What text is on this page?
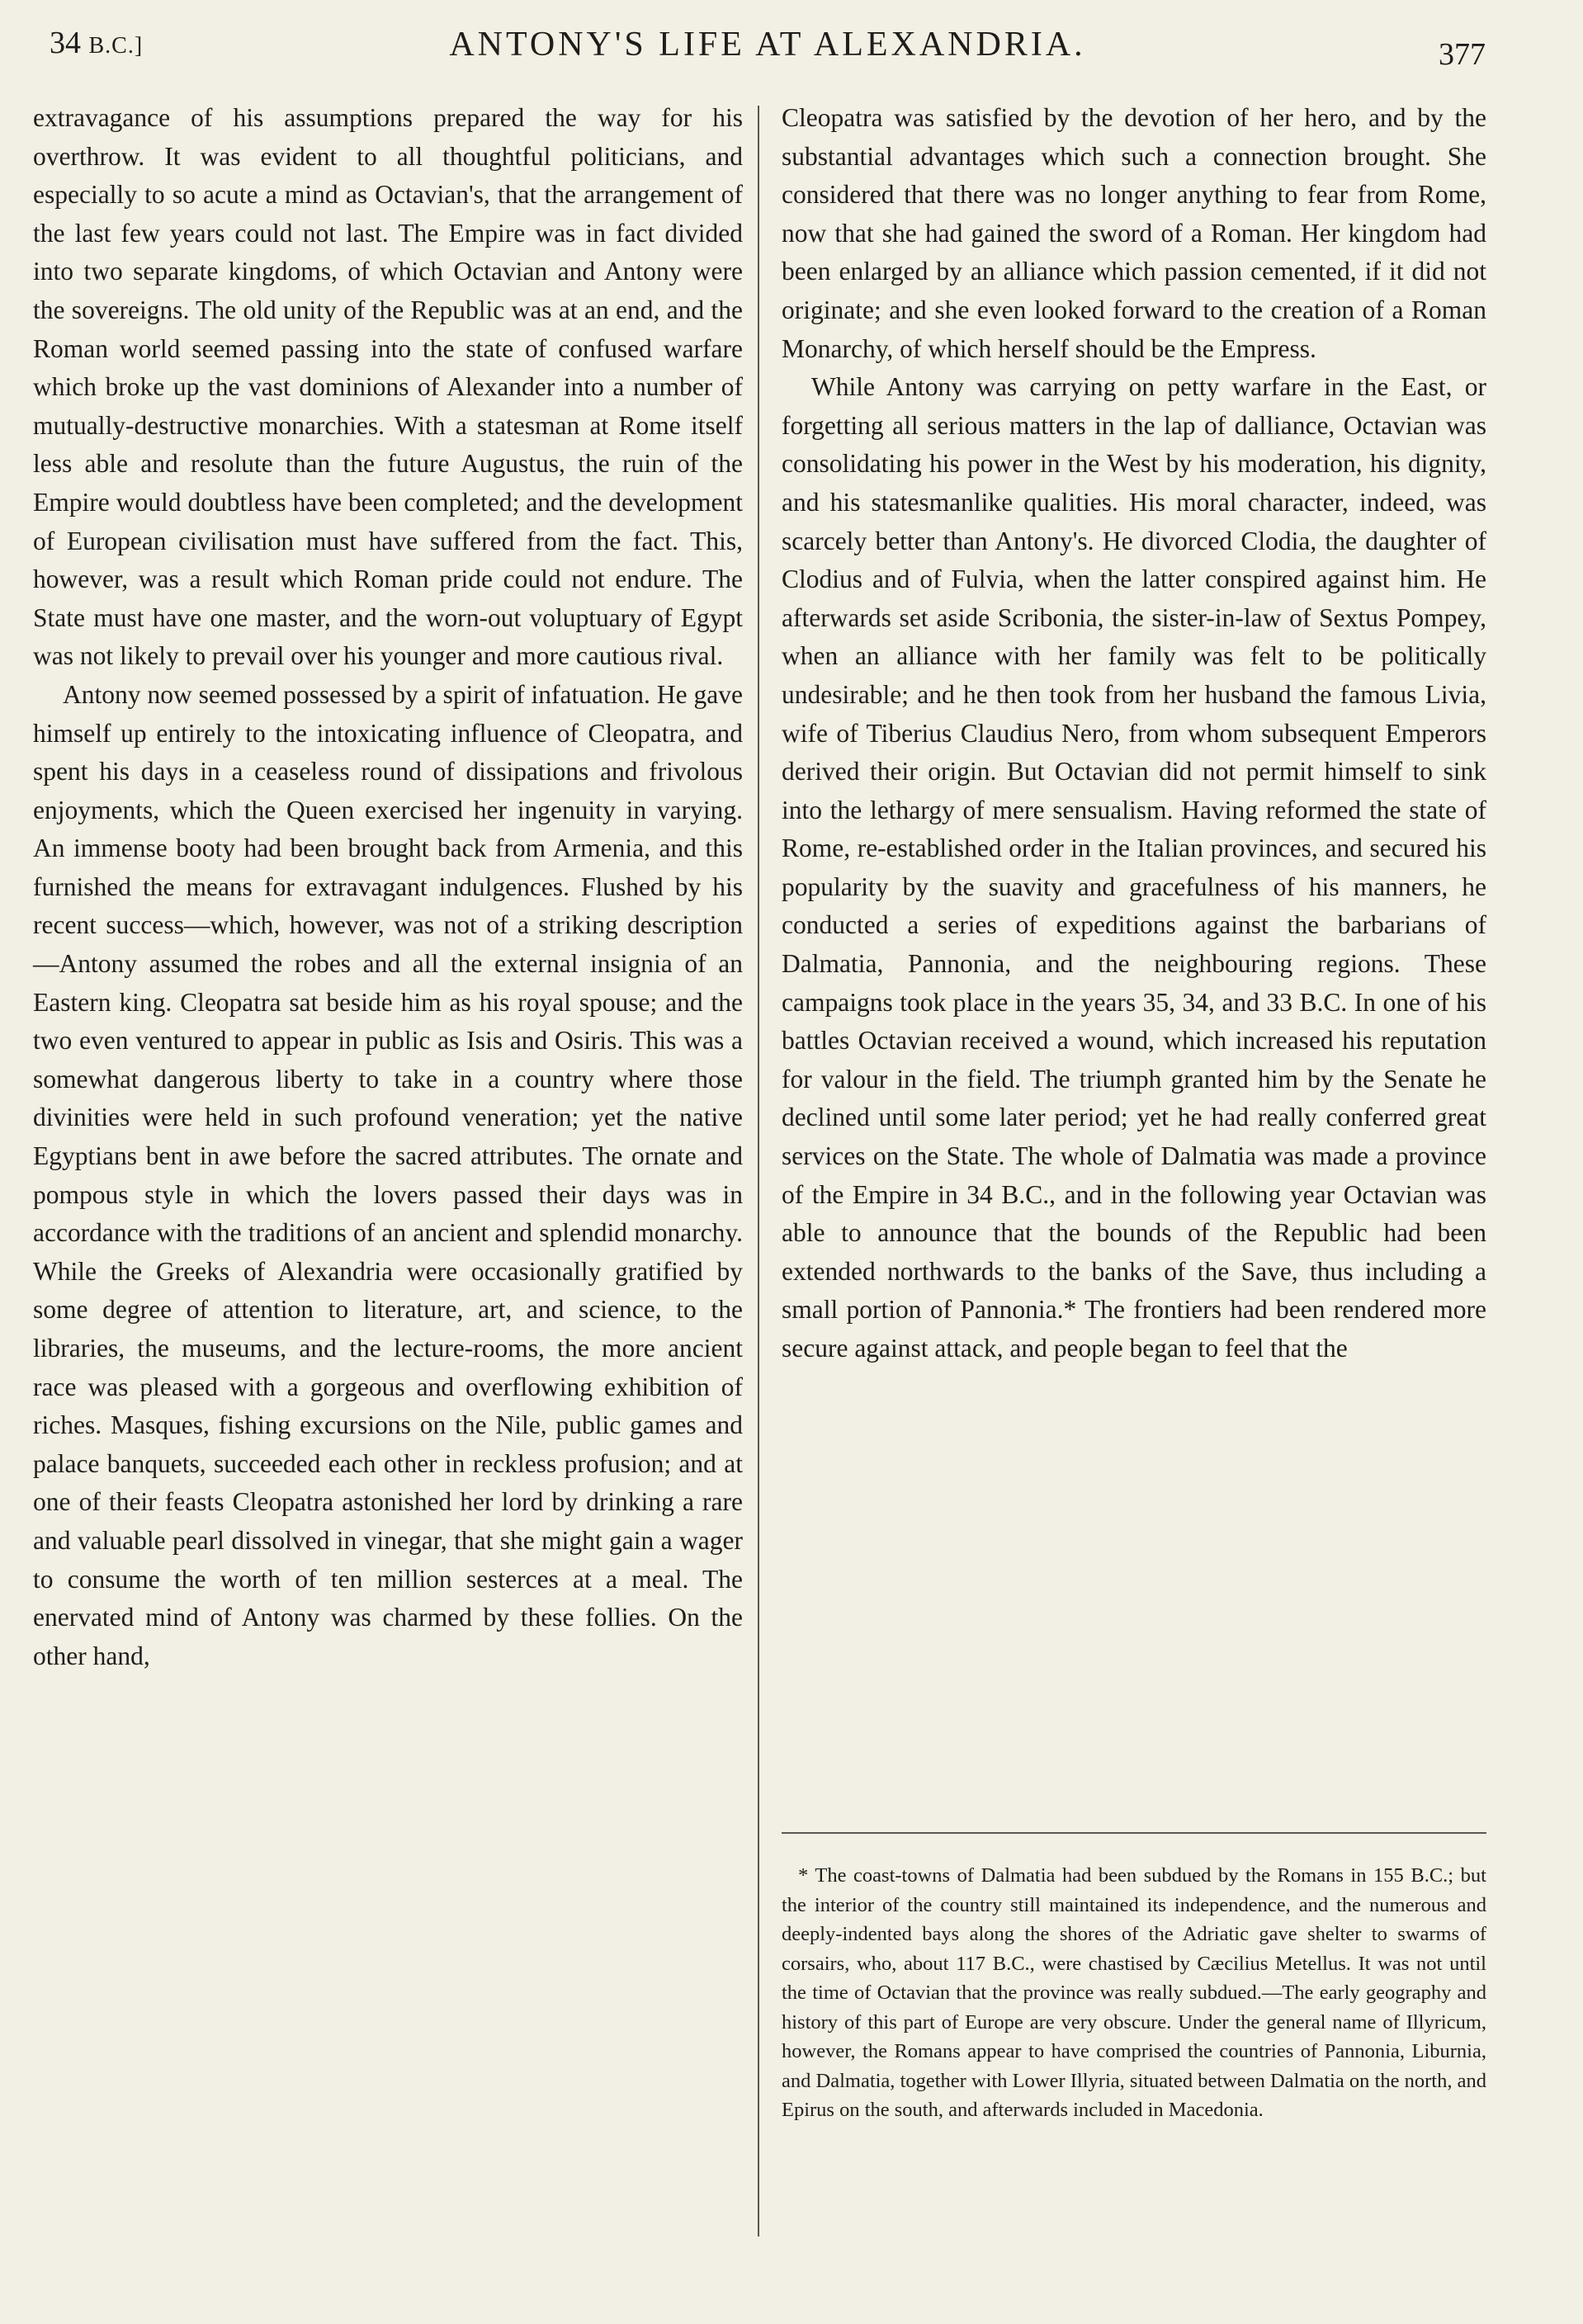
34 B.C.]	ANTONY'S LIFE AT ALEXANDRIA.	377

extravagance of his assumptions prepared the way for his overthrow. It was evident to all thoughtful politicians, and especially to so acute a mind as Octavian's, that the arrangement of the last few years could not last. The Empire was in fact divided into two separate kingdoms, of which Octavian and Antony were the sovereigns. The old unity of the Republic was at an end, and the Roman world seemed passing into the state of confused warfare which broke up the vast dominions of Alexander into a number of mutually-destructive monarchies. With a statesman at Rome itself less able and resolute than the future Augustus, the ruin of the Empire would doubtless have been completed; and the development of European civilisation must have suffered from the fact. This, however, was a result which Roman pride could not endure. The State must have one master, and the worn-out voluptuary of Egypt was not likely to prevail over his younger and more cautious rival.

Antony now seemed possessed by a spirit of infatuation. He gave himself up entirely to the intoxicating influence of Cleopatra, and spent his days in a ceaseless round of dissipations and frivolous enjoyments, which the Queen exercised her ingenuity in varying. An immense booty had been brought back from Armenia, and this furnished the means for extravagant indulgences. Flushed by his recent success—which, however, was not of a striking description—Antony assumed the robes and all the external insignia of an Eastern king. Cleopatra sat beside him as his royal spouse; and the two even ventured to appear in public as Isis and Osiris. This was a somewhat dangerous liberty to take in a country where those divinities were held in such profound veneration; yet the native Egyptians bent in awe before the sacred attributes. The ornate and pompous style in which the lovers passed their days was in accordance with the traditions of an ancient and splendid monarchy. While the Greeks of Alexandria were occasionally gratified by some degree of attention to literature, art, and science, to the libraries, the museums, and the lecture-rooms, the more ancient race was pleased with a gorgeous and overflowing exhibition of riches. Masques, fishing excursions on the Nile, public games and palace banquets, succeeded each other in reckless profusion; and at one of their feasts Cleopatra astonished her lord by drinking a rare and valuable pearl dissolved in vinegar, that she might gain a wager to consume the worth of ten million sesterces at a meal. The enervated mind of Antony was charmed by these follies. On the other hand,

Cleopatra was satisfied by the devotion of her hero, and by the substantial advantages which such a connection brought. She considered that there was no longer anything to fear from Rome, now that she had gained the sword of a Roman. Her kingdom had been enlarged by an alliance which passion cemented, if it did not originate; and she even looked forward to the creation of a Roman Monarchy, of which herself should be the Empress.

While Antony was carrying on petty warfare in the East, or forgetting all serious matters in the lap of dalliance, Octavian was consolidating his power in the West by his moderation, his dignity, and his statesmanlike qualities. His moral character, indeed, was scarcely better than Antony's. He divorced Clodia, the daughter of Clodius and of Fulvia, when the latter conspired against him. He afterwards set aside Scribonia, the sister-in-law of Sextus Pompey, when an alliance with her family was felt to be politically undesirable; and he then took from her husband the famous Livia, wife of Tiberius Claudius Nero, from whom subsequent Emperors derived their origin. But Octavian did not permit himself to sink into the lethargy of mere sensualism. Having reformed the state of Rome, re-established order in the Italian provinces, and secured his popularity by the suavity and gracefulness of his manners, he conducted a series of expeditions against the barbarians of Dalmatia, Pannonia, and the neighbouring regions. These campaigns took place in the years 35, 34, and 33 B.C. In one of his battles Octavian received a wound, which increased his reputation for valour in the field. The triumph granted him by the Senate he declined until some later period; yet he had really conferred great services on the State. The whole of Dalmatia was made a province of the Empire in 34 B.C., and in the following year Octavian was able to announce that the bounds of the Republic had been extended northwards to the banks of the Save, thus including a small portion of Pannonia.* The frontiers had been rendered more secure against attack, and people began to feel that the

* The coast-towns of Dalmatia had been subdued by the Romans in 155 B.C.; but the interior of the country still maintained its independence, and the numerous and deeply-indented bays along the shores of the Adriatic gave shelter to swarms of corsairs, who, about 117 B.C., were chastised by Cæcilius Metellus. It was not until the time of Octavian that the province was really subdued.—The early geography and history of this part of Europe are very obscure. Under the general name of Illyricum, however, the Romans appear to have comprised the countries of Pannonia, Liburnia, and Dalmatia, together with Lower Illyria, situated between Dalmatia on the north, and Epirus on the south, and afterwards included in Macedonia.
